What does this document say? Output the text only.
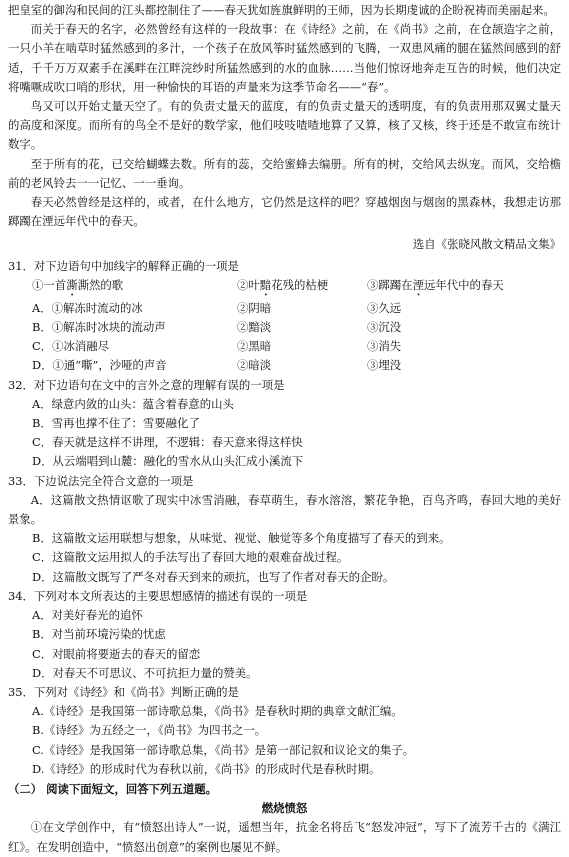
把皇室的御沟和民间的江头都控制住了——春天犹如旌旗鲜明的王师，因为长期虔诚的企盼祝祷而美丽起来。

而关于春天的名字，必然曾经有这样的一段故事：在《诗经》之前，在《尚书》之前，在仓颉造字之前，一只小羊在啮草时猛然感到的多汁，一个孩子在放风筝时猛然感到的飞腾，一双患风痛的腿在猛然间感到的舒适，千千万万双素手在溪畔在江畔浣纱时所猛然感到的水的血脉……当他们惊讶地奔走互告的时候，他们决定将嘴噘成吹口哨的形状，用一种愉快的耳语的声量来为这季节命名——“春”。

鸟又可以开始丈量天空了。有的负责丈量天的蓝度，有的负责丈量天的透明度，有的负责用那双翼丈量天的高度和深度。而所有的鸟全不是好的数学家，他们吱吱喳喳地算了又算，核了又核，终于还是不敢宣布统计数字。

至于所有的花，已交给蝴蝶去数。所有的蕊，交给蜜蜂去编册。所有的树，交给风去纵宠。而风，交给檐前的老风铃去一一记忆、一一垂询。

春天必然曾经是这样的，或者，在什么地方，它仍然是这样的吧？穿越烟囱与烟囱的黑森林，我想走访那踯躅在湮远年代中的春天。

选自《张晓风散文精品文集》

31．对下边语句中加线字的解释正确的一项是

①一首澌澌然的歌	②叶黯花残的枯梗	③踯躅在湮远年代中的春天
A．①解冻时流动的冰	②阴暗	③久远
B．①解冻时冰块的流动声	②黯淡	③沉没
C．①冰消融尽	②黑暗	③消失
D．①通“嘶”，沙哑的声音	②暗淡	③埋没

32．对下边语句在文中的言外之意的理解有误的一项是

A．绿意内敛的山头：蕴含着春意的山头

B．雪再也撑不住了：雪要融化了

C．春天就是这样不讲理，不逻辑：春天意来得这样快

D．从云端唱到山麓：融化的雪水从山头汇成小溪流下

33．下边说法完全符合文意的一项是

A．这篇散文热情讴歌了现实中冰雪消融，春草萌生，春水溶溶，繁花争艳，百鸟齐鸣，春回大地的美好景象。

B．这篇散文运用联想与想象，从味觉、视觉、触觉等多个角度描写了春天的到来。

C．这篇散文运用拟人的手法写出了春回大地的艰难奋战过程。

D．这篇散文既写了严冬对春天到来的顽抗，也写了作者对春天的企盼。

34．下列对本文所表达的主要思想感情的描述有误的一项是

A．对美好春光的追怀

B．对当前环境污染的忧虑

C．对眼前将要逝去的春天的留恋

D．对春天不可思议、不可抗拒力量的赞美。

35．下列对《诗经》和《尚书》判断正确的是

A.《诗经》是我国第一部诗歌总集，《尚书》是春秋时期的典章文献汇编。

B.《诗经》为五经之一，《尚书》为四书之一。

C.《诗经》是我国第一部诗歌总集，《尚书》是第一部记叙和议论文的集子。

D.《诗经》的形成时代为春秋以前，《尚书》的形成时代是春秋时期。

（二） 阅读下面短文，回答下列五道题。

燃烧愤怒

①在文学创作中，有“愤怒出诗人”一说，遥想当年，抗金名将岳飞“怒发冲冠”，写下了流芳千古的《满江红》。在发明创造中，“愤怒出创意”的案例也屡见不鲜。
